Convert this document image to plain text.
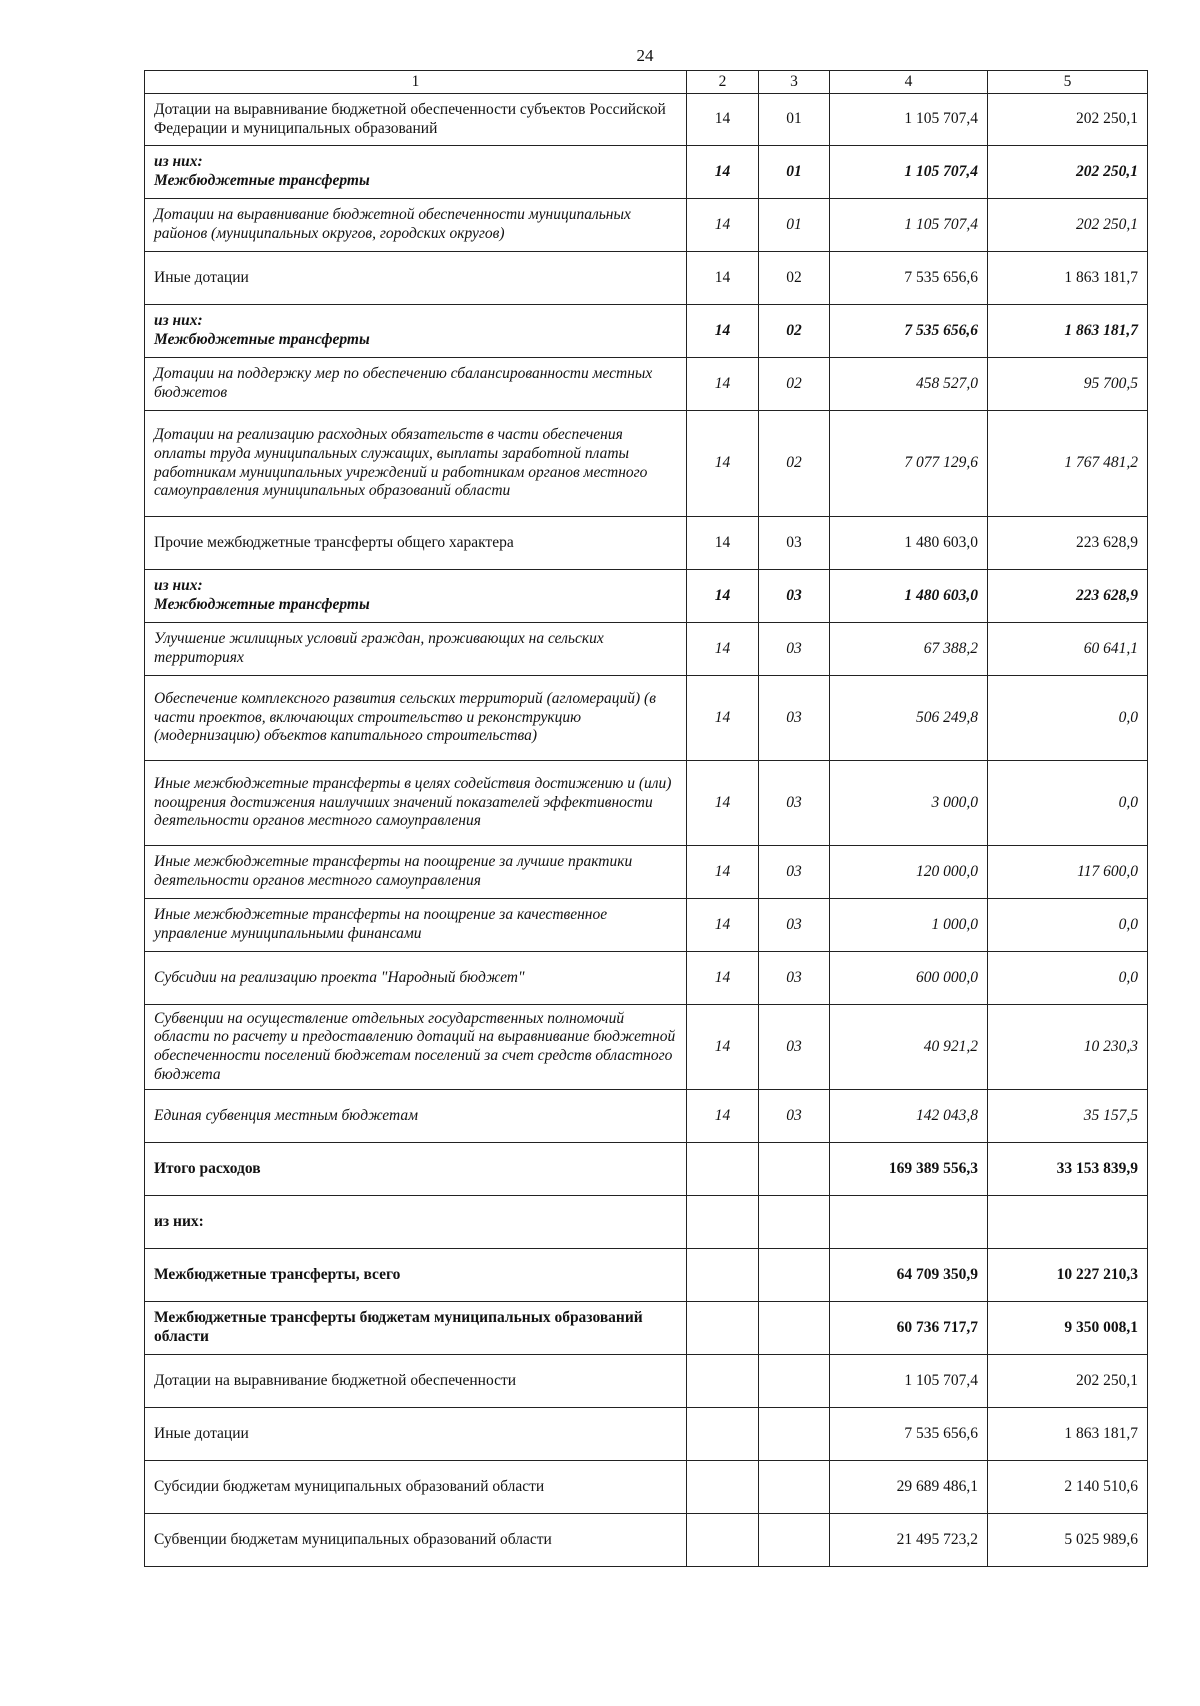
24
1	2	3	4	5
Дотации на выравнивание бюджетной обеспеченности субъектов Российской Федерации и муниципальных образований	14	01	1 105 707,4	202 250,1

из них:
Межбюджетные трансферты	14	01	1 105 707,4	202 250,1
Дотации на выравнивание бюджетной обеспеченности муниципальных районов (муниципальных округов, городских округов)	14	01	1 105 707,4	202 250,1
Иные дотации	14	02	7 535 656,6	1 863 181,7

из них:
Межбюджетные трансферты	14	02	7 535 656,6	1 863 181,7
Дотации на поддержку мер по обеспечению сбалансированности местных бюджетов	14	02	458 527,0	95 700,5
Дотации на реализацию расходных обязательств в части обеспечения оплаты труда муниципальных служащих, выплаты заработной платы работникам муниципальных учреждений и работникам органов местного самоуправления муниципальных образований области	14	02	7 077 129,6	1 767 481,2
Прочие межбюджетные трансферты общего характера	14	03	1 480 603,0	223 628,9

из них:
Межбюджетные трансферты	14	03	1 480 603,0	223 628,9
Улучшение жилищных условий граждан, проживающих на сельских территориях	14	03	67 388,2	60 641,1
Обеспечение комплексного развития сельских территорий (агломераций) (в части проектов, включающих строительство и реконструкцию (модернизацию) объектов капитального строительства)	14	03	506 249,8	0,0
Иные межбюджетные трансферты в целях содействия достижению и (или) поощрения достижения наилучших значений показателей эффективности деятельности органов местного самоуправления	14	03	3 000,0	0,0
Иные межбюджетные трансферты на поощрение за лучшие практики деятельности органов местного самоуправления	14	03	120 000,0	117 600,0
Иные межбюджетные трансферты на поощрение за качественное управление муниципальными финансами	14	03	1 000,0	0,0
Субсидии на реализацию проекта "Народный бюджет"	14	03	600 000,0	0,0
Субвенции на осуществление отдельных государственных полномочий области по расчету и предоставлению дотаций на выравнивание бюджетной обеспеченности поселений бюджетам поселений за счет средств областного бюджета	14	03	40 921,2	10 230,3
Единая субвенция местным бюджетам	14	03	142 043,8	35 157,5
Итого расходов			169 389 556,3	33 153 839,9
из них:				
Межбюджетные трансферты, всего			64 709 350,9	10 227 210,3
Межбюджетные трансферты бюджетам муниципальных образований области			60 736 717,7	9 350 008,1
Дотации на выравнивание бюджетной обеспеченности			1 105 707,4	202 250,1
Иные дотации			7 535 656,6	1 863 181,7
Субсидии бюджетам муниципальных образований области			29 689 486,1	2 140 510,6
Субвенции бюджетам муниципальных образований области			21 495 723,2	5 025 989,6
